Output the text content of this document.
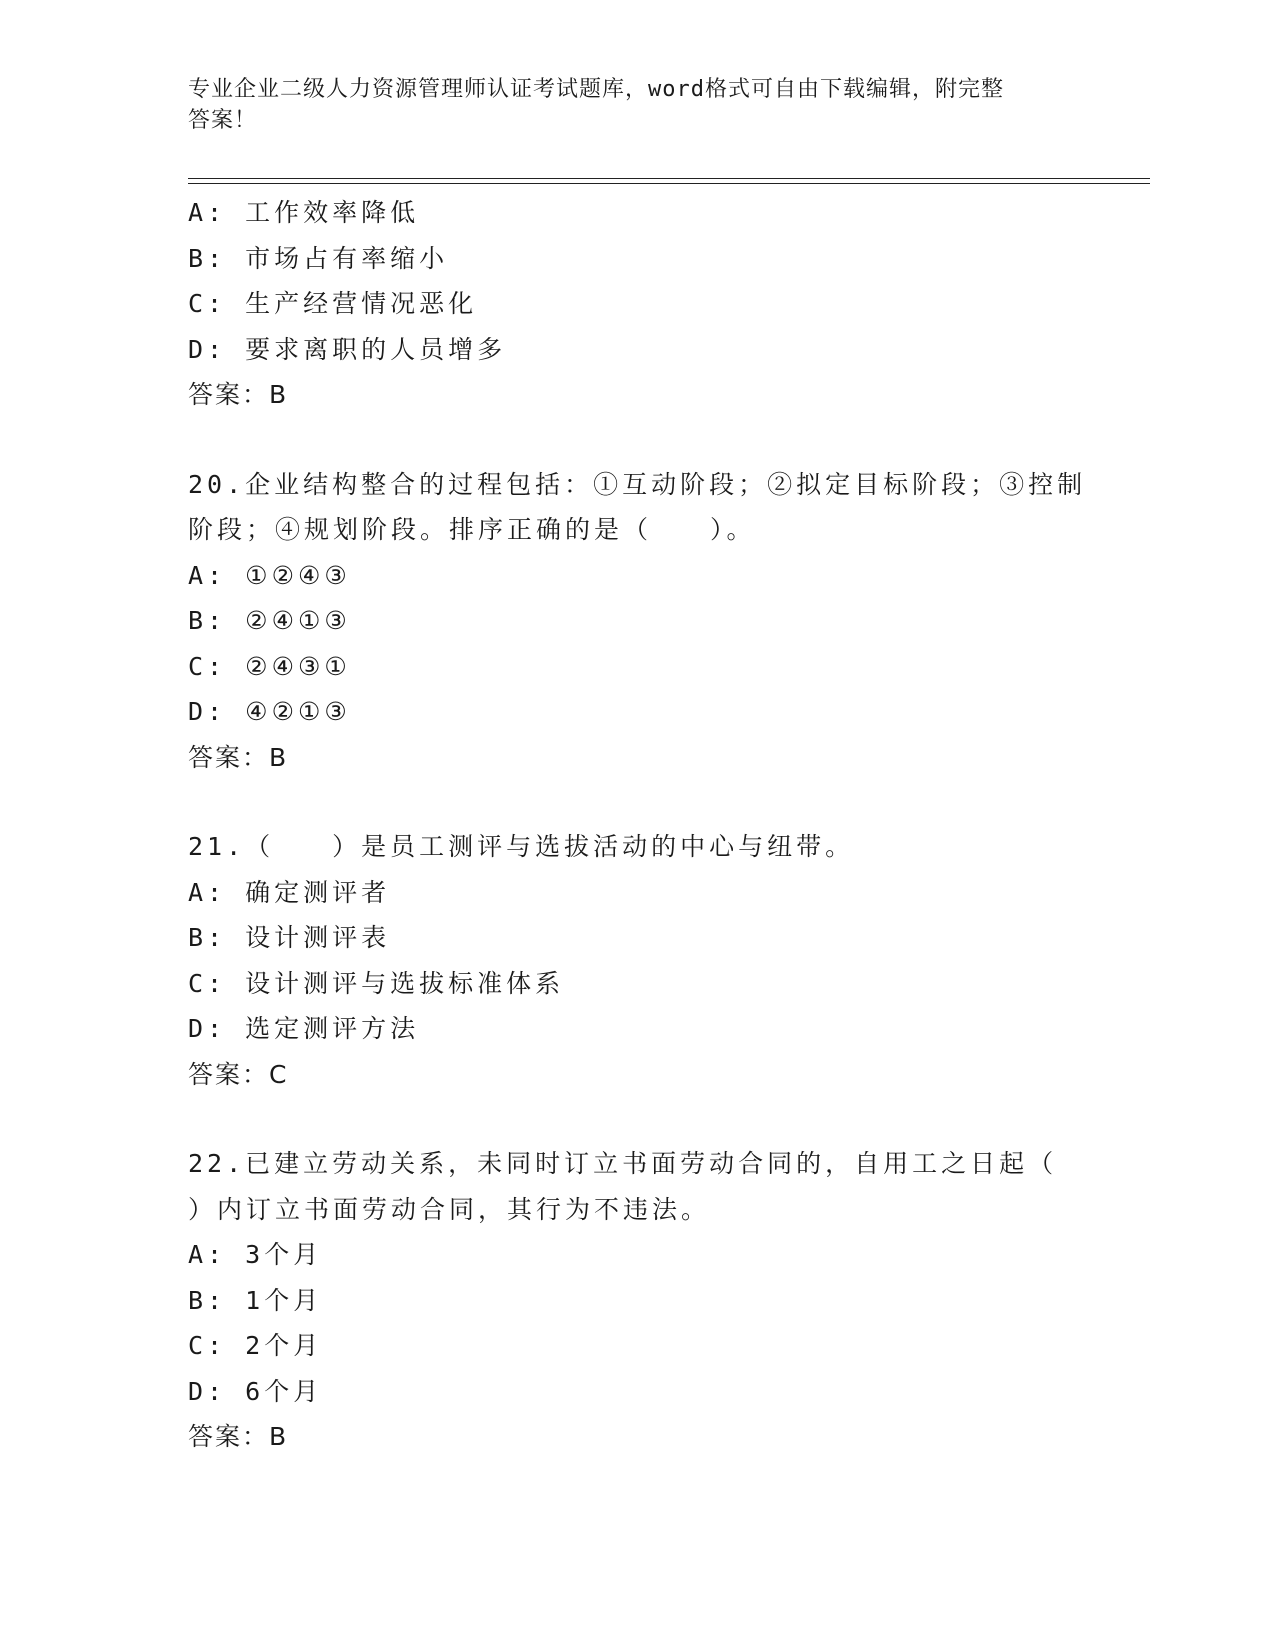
专业企业二级人力资源管理师认证考试题库，word格式可自由下载编辑，附完整
答案！
A: 工作效率降低
B: 市场占有率缩小
C: 生产经营情况恶化
D: 要求离职的人员增多
答案：B
20.企业结构整合的过程包括：①互动阶段；②拟定目标阶段；③控制
阶段；④规划阶段。排序正确的是（　　）。
A: ①②④③
B: ②④①③
C: ②④③①
D: ④②①③
答案：B
21.（　　）是员工测评与选拔活动的中心与纽带。
A: 确定测评者
B: 设计测评表
C: 设计测评与选拔标准体系
D: 选定测评方法
答案：C
22.已建立劳动关系，未同时订立书面劳动合同的，自用工之日起（
）内订立书面劳动合同，其行为不违法。
A: 3个月
B: 1个月
C: 2个月
D: 6个月
答案：B
